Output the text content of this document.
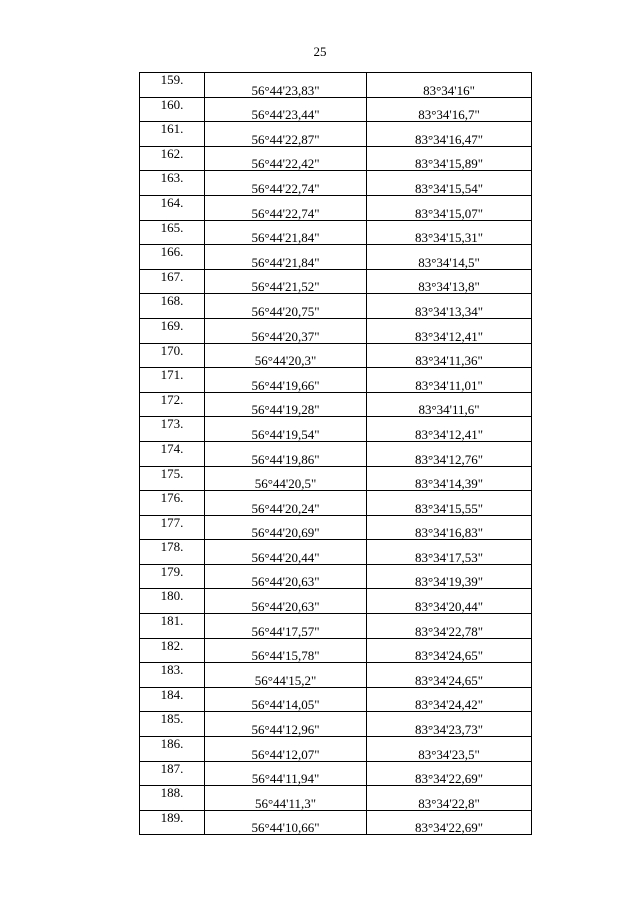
25
159.	56°44'23,83"	83°34'16"
160.	56°44'23,44"	83°34'16,7"
161.	56°44'22,87"	83°34'16,47"
162.	56°44'22,42"	83°34'15,89"
163.	56°44'22,74"	83°34'15,54"
164.	56°44'22,74"	83°34'15,07"
165.	56°44'21,84"	83°34'15,31"
166.	56°44'21,84"	83°34'14,5"
167.	56°44'21,52"	83°34'13,8"
168.	56°44'20,75"	83°34'13,34"
169.	56°44'20,37"	83°34'12,41"
170.	56°44'20,3"	83°34'11,36"
171.	56°44'19,66"	83°34'11,01"
172.	56°44'19,28"	83°34'11,6"
173.	56°44'19,54"	83°34'12,41"
174.	56°44'19,86"	83°34'12,76"
175.	56°44'20,5"	83°34'14,39"
176.	56°44'20,24"	83°34'15,55"
177.	56°44'20,69"	83°34'16,83"
178.	56°44'20,44"	83°34'17,53"
179.	56°44'20,63"	83°34'19,39"
180.	56°44'20,63"	83°34'20,44"
181.	56°44'17,57"	83°34'22,78"
182.	56°44'15,78"	83°34'24,65"
183.	56°44'15,2"	83°34'24,65"
184.	56°44'14,05"	83°34'24,42"
185.	56°44'12,96"	83°34'23,73"
186.	56°44'12,07"	83°34'23,5"
187.	56°44'11,94"	83°34'22,69"
188.	56°44'11,3"	83°34'22,8"
189.	56°44'10,66"	83°34'22,69"
